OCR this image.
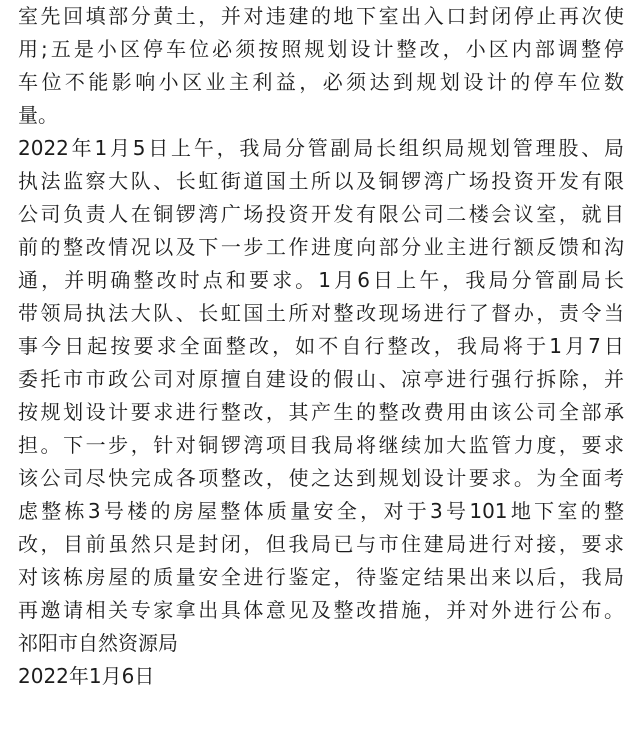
室先回填部分黄土，并对违建的地下室出入口封闭停止再次使
用;五是小区停车位必须按照规划设计整改，小区内部调整停
车位不能影响小区业主利益，必须达到规划设计的停车位数
量。
2022年1月5日上午，我局分管副局长组织局规划管理股、局
执法监察大队、长虹街道国土所以及铜锣湾广场投资开发有限
公司负责人在铜锣湾广场投资开发有限公司二楼会议室，就目
前的整改情况以及下一步工作进度向部分业主进行额反馈和沟
通，并明确整改时点和要求。1月6日上午，我局分管副局长
带领局执法大队、长虹国土所对整改现场进行了督办，责令当
事今日起按要求全面整改，如不自行整改，我局将于1月7日
委托市市政公司对原擅自建设的假山、凉亭进行强行拆除，并
按规划设计要求进行整改，其产生的整改费用由该公司全部承
担。下一步，针对铜锣湾项目我局将继续加大监管力度，要求
该公司尽快完成各项整改，使之达到规划设计要求。为全面考
虑整栋3号楼的房屋整体质量安全，对于3号101地下室的整
改，目前虽然只是封闭，但我局已与市住建局进行对接，要求
对该栋房屋的质量安全进行鉴定，待鉴定结果出来以后，我局
再邀请相关专家拿出具体意见及整改措施，并对外进行公布。
祁阳市自然资源局
2022年1月6日
